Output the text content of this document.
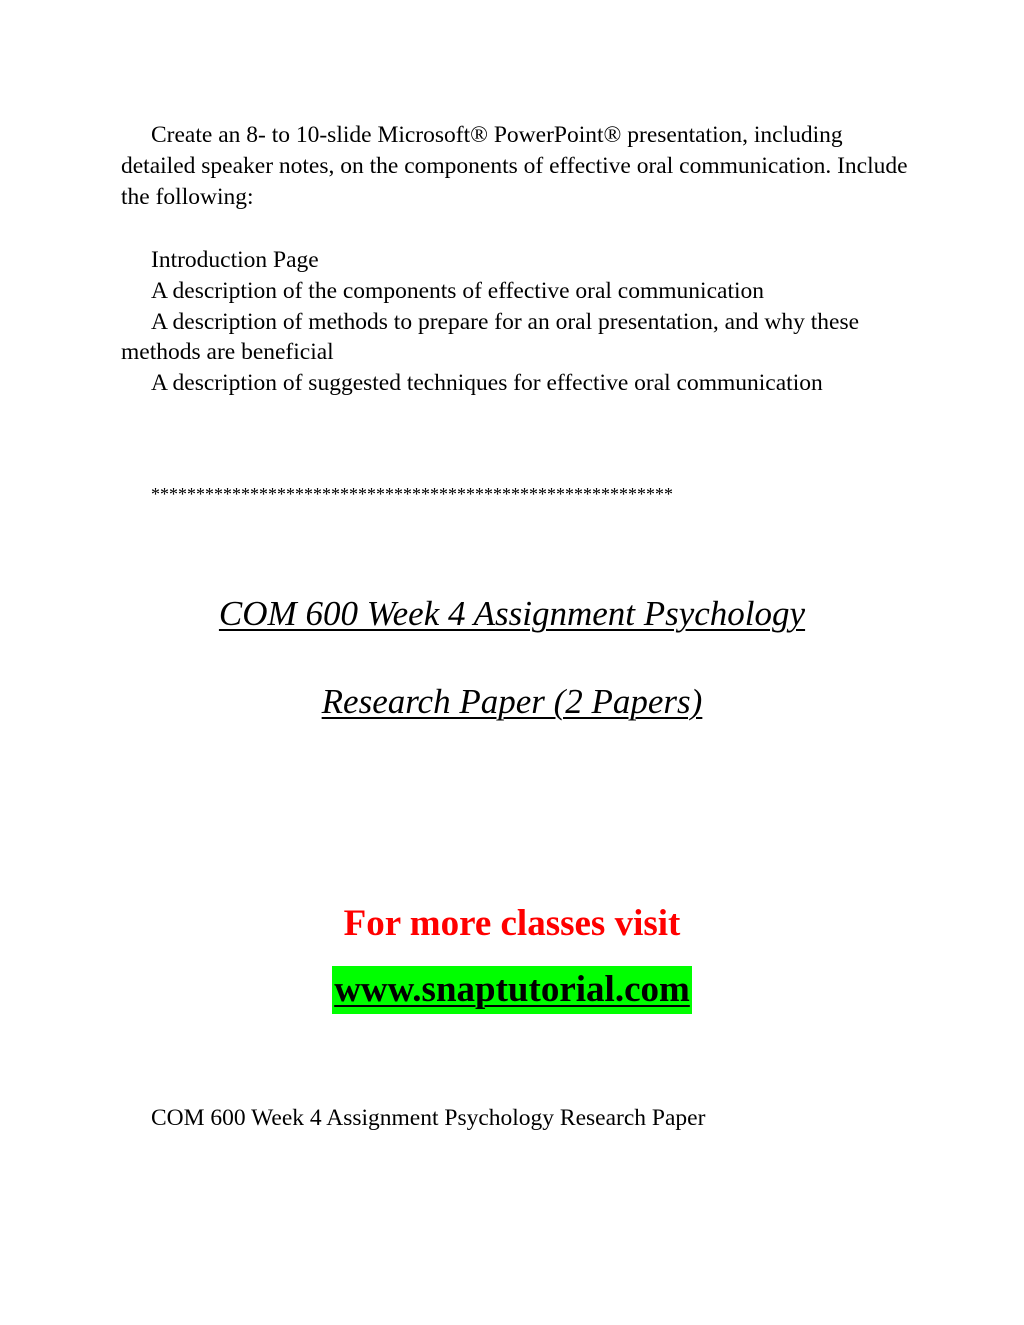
Create an 8- to 10-slide Microsoft® PowerPoint® presentation, including detailed speaker notes, on the components of effective oral communication. Include the following:

Introduction Page

A description of the components of effective oral communication

A description of methods to prepare for an oral presentation, and why these methods are beneficial

A description of suggested techniques for effective oral communication

**********************************************************

COM 600 Week 4 Assignment Psychology

Research Paper (2 Papers)

For more classes visit

www.snaptutorial.com

COM 600 Week 4 Assignment Psychology Research Paper
